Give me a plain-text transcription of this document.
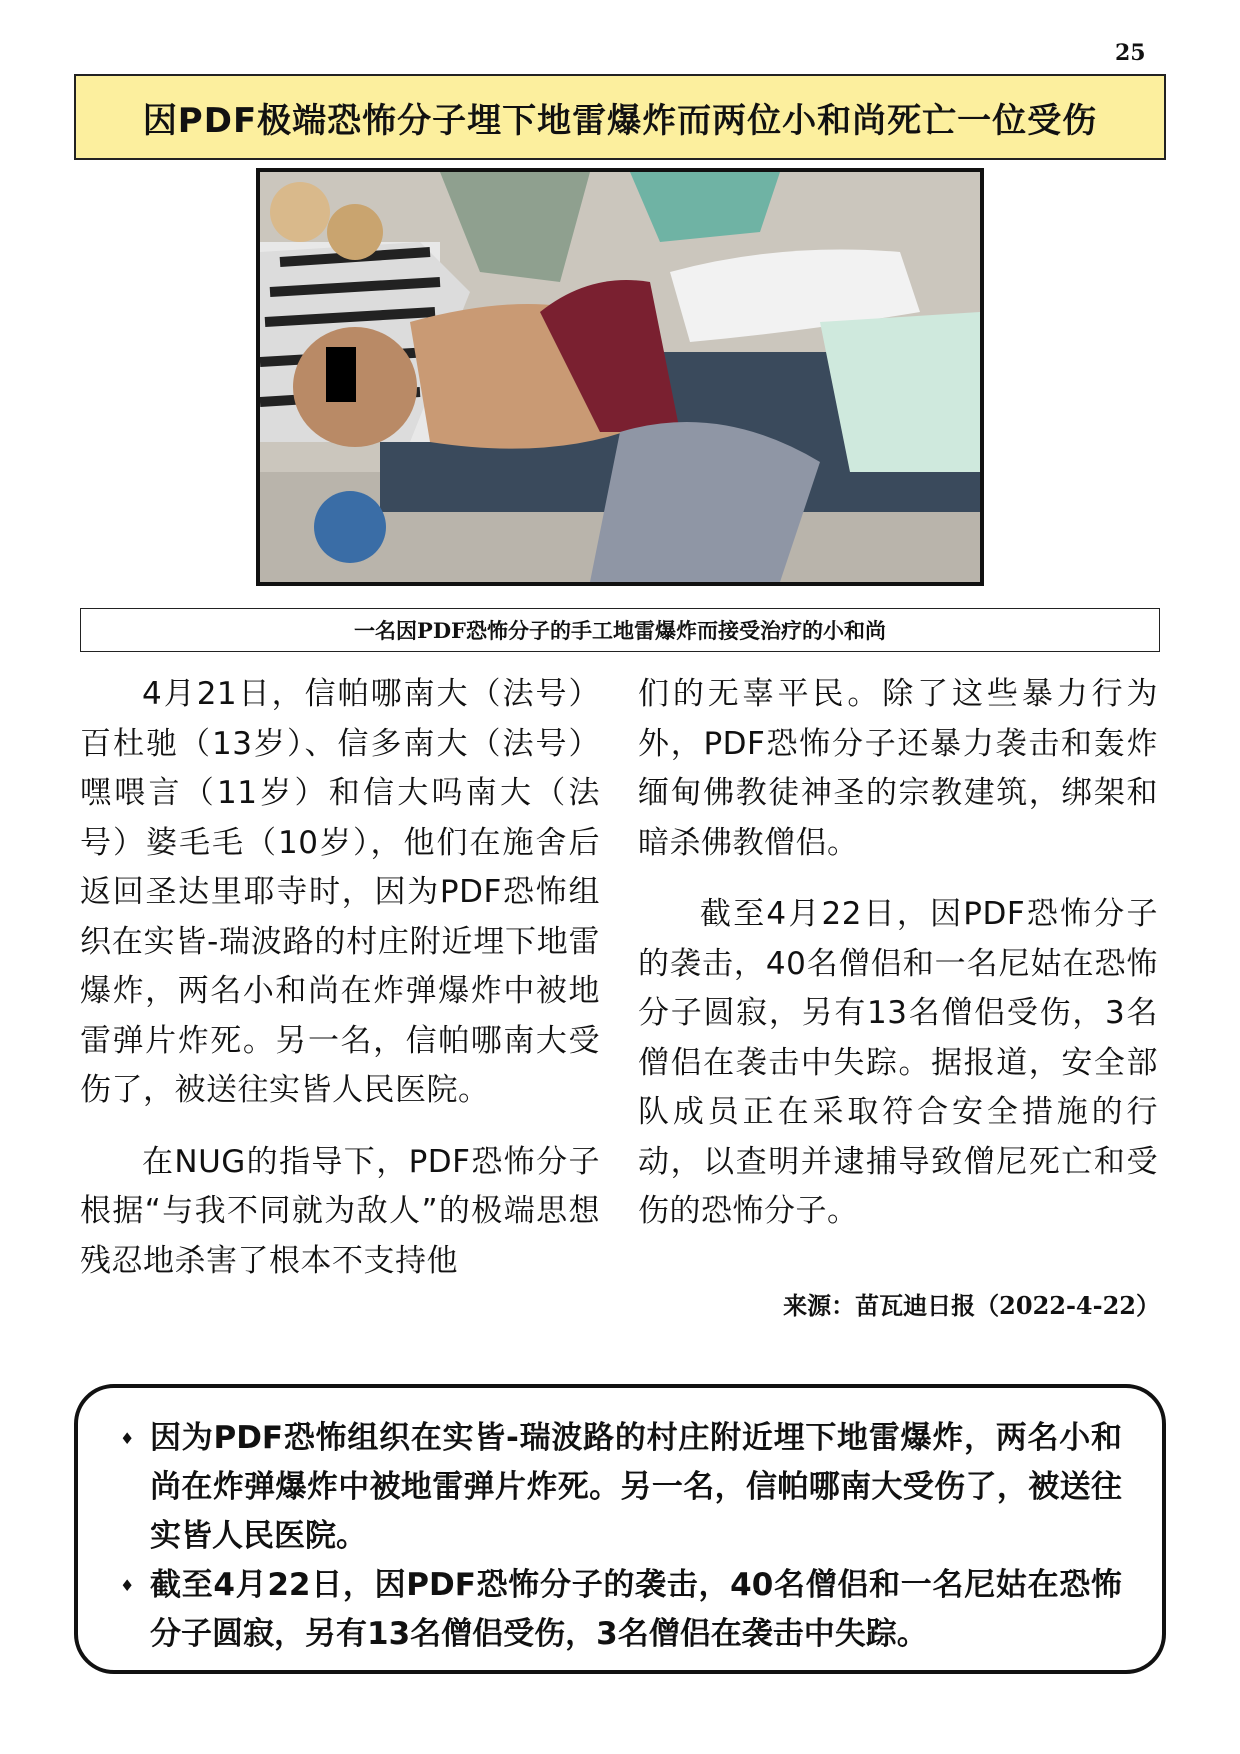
25
因PDF极端恐怖分子埋下地雷爆炸而两位小和尚死亡一位受伤
一名因PDF恐怖分子的手工地雷爆炸而接受治疗的小和尚

4月21日，信帕哪南大（法号）百杜驰（13岁）、信多南大（法号）嘿喂言（11岁）和信大吗南大（法号）婆毛毛（10岁），他们在施舍后返回圣达里耶寺时，因为PDF恐怖组织在实皆-瑞波路的村庄附近埋下地雷爆炸，两名小和尚在炸弹爆炸中被地雷弹片炸死。另一名，信帕哪南大受伤了，被送往实皆人民医院。

在NUG的指导下，PDF恐怖分子根据“与我不同就为敌人”的极端思想残忍地杀害了根本不支持他

们的无辜平民。除了这些暴力行为外，PDF恐怖分子还暴力袭击和轰炸缅甸佛教徒神圣的宗教建筑，绑架和暗杀佛教僧侣。

截至4月22日，因PDF恐怖分子的袭击，40名僧侣和一名尼姑在恐怖分子圆寂，另有13名僧侣受伤，3名僧侣在袭击中失踪。据报道，安全部队成员正在采取符合安全措施的行动，以查明并逮捕导致僧尼死亡和受伤的恐怖分子。

来源：苗瓦迪日报（2022-4-22）
♦ 因为PDF恐怖组织在实皆-瑞波路的村庄附近埋下地雷爆炸，两名小和尚在炸弹爆炸中被地雷弹片炸死。另一名，信帕哪南大受伤了，被送往实皆人民医院。
♦ 截至4月22日，因PDF恐怖分子的袭击，40名僧侣和一名尼姑在恐怖分子圆寂，另有13名僧侣受伤，3名僧侣在袭击中失踪。
